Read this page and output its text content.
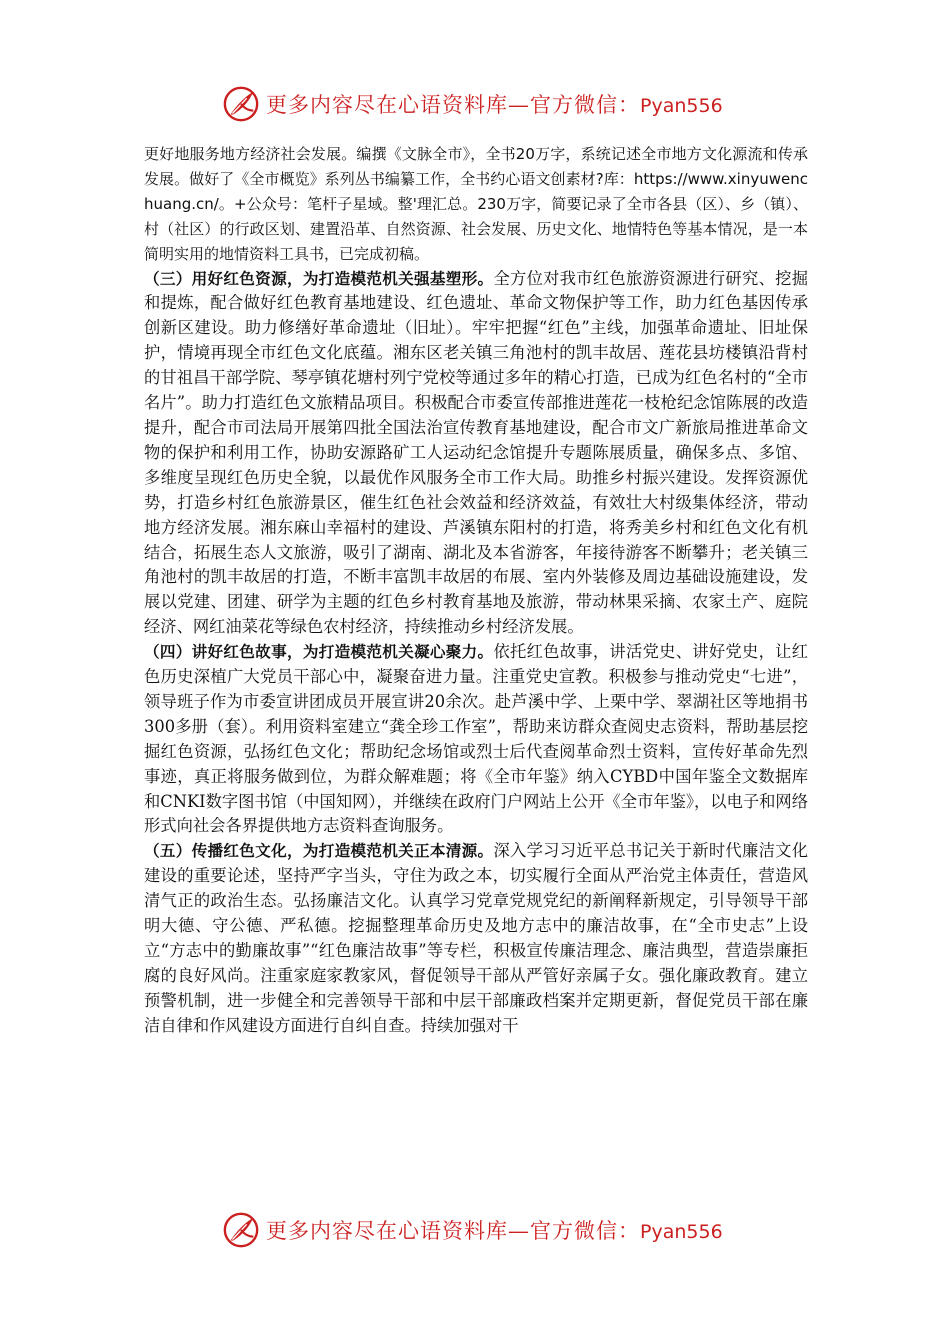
更多内容尽在心语资料库—官方微信：Pyan556

更好地服务地方经济社会发展。编撰《文脉全市》，全书20万字，系统记述全市地方文化源流和传承发展。做好了《全市概览》系列丛书编纂工作，全书约心语文创素材?库：https://www.xinyuwenchuang.cn/。+公众号：笔杆子星域。整'理汇总。230万字，简要记录了全市各县（区）、乡（镇）、村（社区）的行政区划、建置沿革、自然资源、社会发展、历史文化、地情特色等基本情况，是一本简明实用的地情资料工具书，已完成初稿。

（三）用好红色资源，为打造模范机关强基塑形。全方位对我市红色旅游资源进行研究、挖掘和提炼，配合做好红色教育基地建设、红色遗址、革命文物保护等工作，助力红色基因传承创新区建设。助力修缮好革命遗址（旧址）。牢牢把握“红色”主线，加强革命遗址、旧址保护，情境再现全市红色文化底蕴。湘东区老关镇三角池村的凯丰故居、莲花县坊楼镇沿背村的甘祖昌干部学院、琴亭镇花塘村列宁党校等通过多年的精心打造，已成为红色名村的“全市名片”。助力打造红色文旅精品项目。积极配合市委宣传部推进莲花一枝枪纪念馆陈展的改造提升，配合市司法局开展第四批全国法治宣传教育基地建设，配合市文广新旅局推进革命文物的保护和利用工作，协助安源路矿工人运动纪念馆提升专题陈展质量，确保多点、多馆、多维度呈现红色历史全貌，以最优作风服务全市工作大局。助推乡村振兴建设。发挥资源优势，打造乡村红色旅游景区，催生红色社会效益和经济效益，有效壮大村级集体经济，带动地方经济发展。湘东麻山幸福村的建设、芦溪镇东阳村的打造，将秀美乡村和红色文化有机结合，拓展生态人文旅游，吸引了湖南、湖北及本省游客，年接待游客不断攀升；老关镇三角池村的凯丰故居的打造，不断丰富凯丰故居的布展、室内外装修及周边基础设施建设，发展以党建、团建、研学为主题的红色乡村教育基地及旅游，带动林果采摘、农家土产、庭院经济、网红油菜花等绿色农村经济，持续推动乡村经济发展。

（四）讲好红色故事，为打造模范机关凝心聚力。依托红色故事，讲活党史、讲好党史，让红色历史深植广大党员干部心中，凝聚奋进力量。注重党史宣教。积极参与推动党史“七进”，领导班子作为市委宣讲团成员开展宣讲20余次。赴芦溪中学、上栗中学、翠湖社区等地捐书300多册（套）。利用资料室建立“龚全珍工作室”，帮助来访群众查阅史志资料，帮助基层挖掘红色资源，弘扬红色文化；帮助纪念场馆或烈士后代查阅革命烈士资料，宣传好革命先烈事迹，真正将服务做到位，为群众解难题；将《全市年鉴》纳入CYBD中国年鉴全文数据库和CNKI数字图书馆（中国知网），并继续在政府门户网站上公开《全市年鉴》，以电子和网络形式向社会各界提供地方志资料查询服务。

（五）传播红色文化，为打造模范机关正本清源。深入学习习近平总书记关于新时代廉洁文化建设的重要论述，坚持严字当头，守住为政之本，切实履行全面从严治党主体责任，营造风清气正的政治生态。弘扬廉洁文化。认真学习党章党规党纪的新阐释新规定，引导领导干部明大德、守公德、严私德。挖掘整理革命历史及地方志中的廉洁故事，在“全市史志”上设立“方志中的勤廉故事”“红色廉洁故事”等专栏，积极宣传廉洁理念、廉洁典型，营造崇廉拒腐的良好风尚。注重家庭家教家风，督促领导干部从严管好亲属子女。强化廉政教育。建立预警机制，进一步健全和完善领导干部和中层干部廉政档案并定期更新，督促党员干部在廉洁自律和作风建设方面进行自纠自查。持续加强对干

更多内容尽在心语资料库—官方微信：Pyan556
